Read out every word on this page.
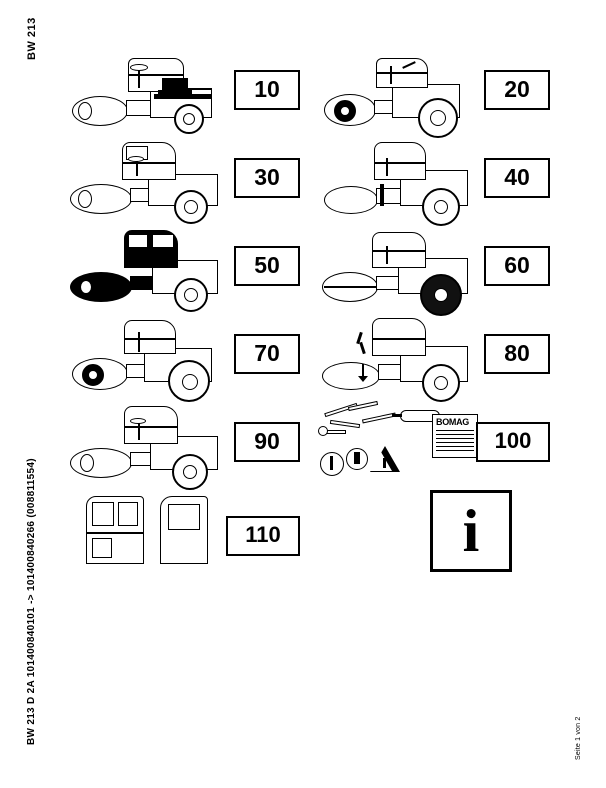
BW 213
BW 213 D 2A 101400840101 -> 101400840266 (008811554)	Seite 1 von 2
10	20
30	40
50	60
70	80
90
BOMAG
100
110	i
